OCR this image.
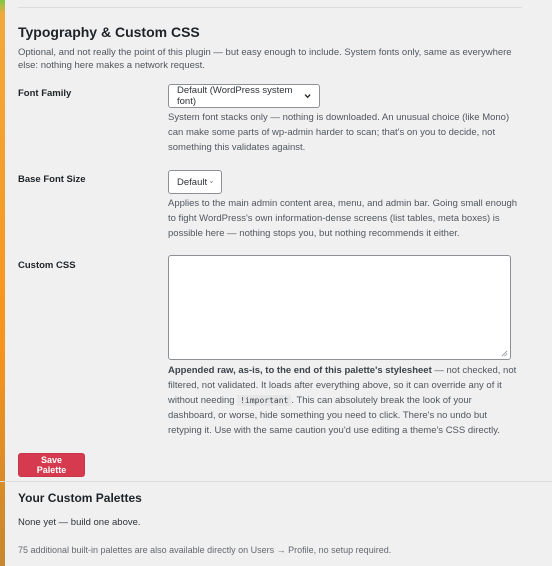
Typography & Custom CSS

Optional, and not really the point of this plugin — but easy enough to include. System fonts only, same as everywhere else: nothing here makes a network request.

Font Family	Default (WordPress system font)

System font stacks only — nothing is downloaded. An unusual choice (like Mono) can make some parts of wp-admin harder to scan; that's on you to decide, not something this validates against.

Base Font Size	Default

Applies to the main admin content area, menu, and admin bar. Going small enough to fight WordPress's own information-dense screens (list tables, meta boxes) is possible here — nothing stops you, but nothing recommends it either.

Custom CSS

Appended raw, as-is, to the end of this palette's stylesheet — not checked, not filtered, not validated. It loads after everything above, so it can override any of it without needing !important . This can absolutely break the look of your dashboard, or worse, hide something you need to click. There's no undo but retyping it. Use with the same caution you'd use editing a theme's CSS directly.

Save Palette
Your Custom Palettes

None yet — build one above.

75 additional built-in palettes are also available directly on Users → Profile, no setup required.
